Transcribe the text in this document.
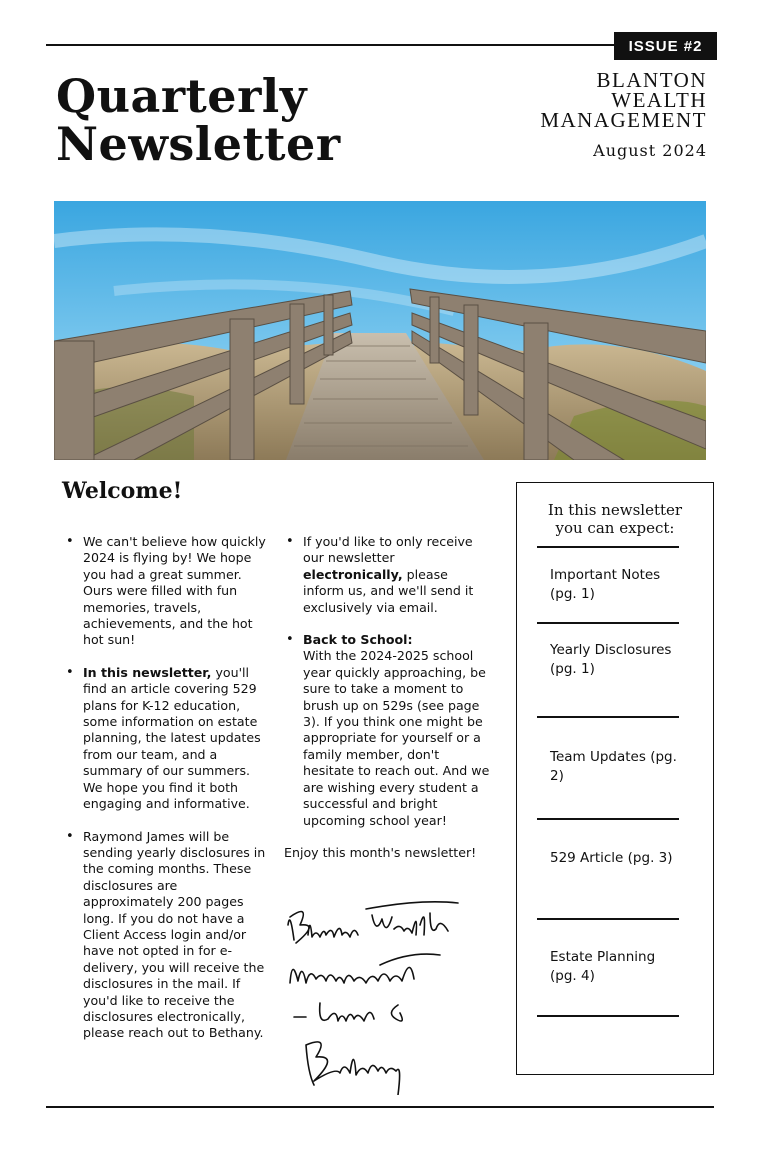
ISSUE #2
Quarterly
Newsletter
BLANTON
WEALTH
MANAGEMENT
August 2024
Welcome!
• We can't believe how quickly 2024 is flying by! We hope you had a great summer. Ours were filled with fun memories, travels, achievements, and the hot hot sun!
• In this newsletter, you'll find an article covering 529 plans for K-12 education, some information on estate planning, the latest updates from our team, and a summary of our summers. We hope you find it both engaging and informative.
• Raymond James will be sending yearly disclosures in the coming months. These disclosures are approximately 200 pages long. If you do not have a Client Access login and/or have not opted in for e-delivery, you will receive the disclosures in the mail. If you'd like to receive the disclosures electronically, please reach out to Bethany.
• If you'd like to only receive our newsletter electronically, please inform us, and we'll send it exclusively via email.
• Back to School:
With the 2024-2025 school year quickly approaching, be sure to take a moment to brush up on 529s (see page 3). If you think one might be appropriate for yourself or a family member, don't hesitate to reach out. And we are wishing every student a successful and bright upcoming school year!

Enjoy this month's newsletter!

In this newsletter
you can expect:
Important Notes (pg. 1)
Yearly Disclosures (pg. 1)
Team Updates (pg. 2)
529 Article (pg. 3)
Estate Planning (pg. 4)
